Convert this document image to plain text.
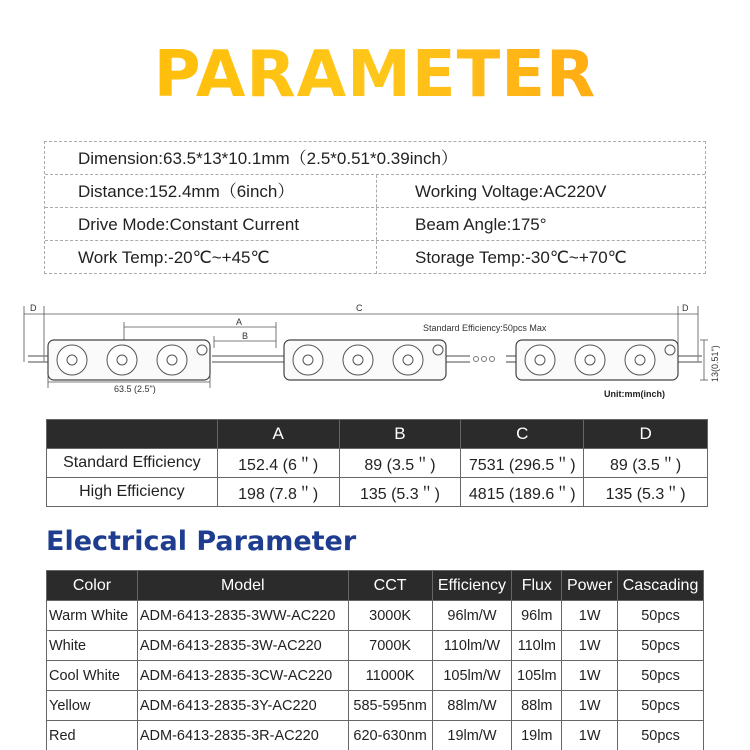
PARAMETER
Dimension:63.5*13*10.1mm（2.5*0.51*0.39inch）
Distance:152.4mm（6inch）	Working Voltage:AC220V
Drive Mode:Constant Current	Beam Angle:175°
Work Temp:-20℃~+45℃	Storage Temp:-30℃~+70℃
D	C
A
B
D
Standard Efficiency:50pcs Max
63.5 (2.5")
13(0.51")
Unit:mm(inch)
	A	B	C	D
Standard Efficiency	152.4 (6＂)	89 (3.5＂)	7531 (296.5＂)	89 (3.5＂)
High Efficiency	198 (7.8＂)	135 (5.3＂)	4815 (189.6＂)	135 (5.3＂)
Electrical Parameter
Color	Model	CCT	Efficiency	Flux	Power	Cascading
Warm White	ADM-6413-2835-3WW-AC220	3000K	96lm/W	96lm	1W	50pcs
White	ADM-6413-2835-3W-AC220	7000K	110lm/W	110lm	1W	50pcs
Cool White	ADM-6413-2835-3CW-AC220	11000K	105lm/W	105lm	1W	50pcs
Yellow	ADM-6413-2835-3Y-AC220	585-595nm	88lm/W	88lm	1W	50pcs
Red	ADM-6413-2835-3R-AC220	620-630nm	19lm/W	19lm	1W	50pcs
